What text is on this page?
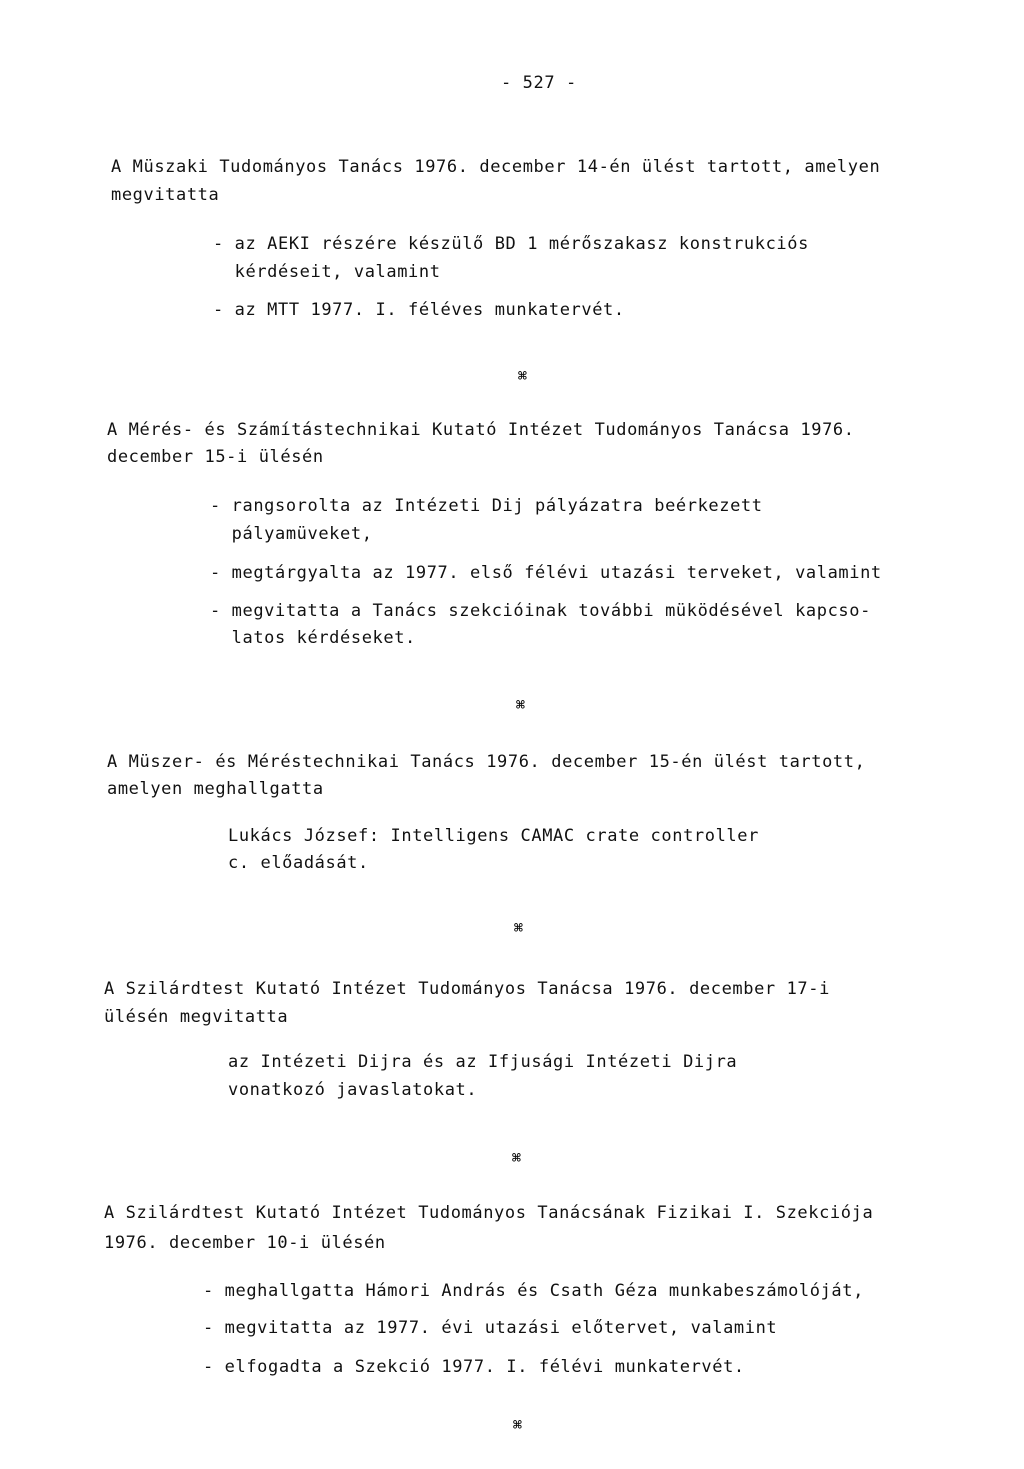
- 527 -
A Müszaki Tudományos Tanács 1976. december 14-én ülést tartott, amelyen
megvitatta
- az AEKI részére készülő BD 1 mérőszakasz konstrukciós
kérdéseit, valamint
- az MTT 1977. I. féléves munkatervét.
⌘
A Mérés- és Számítástechnikai Kutató Intézet Tudományos Tanácsa 1976.
december 15-i ülésén
- rangsorolta az Intézeti Dij pályázatra beérkezett
pályamüveket,
- megtárgyalta az 1977. első félévi utazási terveket, valamint
- megvitatta a Tanács szekcióinak további müködésével kapcso-
latos kérdéseket.
⌘
A Müszer- és Méréstechnikai Tanács 1976. december 15-én ülést tartott,
amelyen meghallgatta
Lukács József: Intelligens CAMAC crate controller
c. előadását.
⌘
A Szilárdtest Kutató Intézet Tudományos Tanácsa 1976. december 17-i
ülésén megvitatta
az Intézeti Dijra és az Ifjusági Intézeti Dijra
vonatkozó javaslatokat.
⌘
A Szilárdtest Kutató Intézet Tudományos Tanácsának Fizikai I. Szekciója
1976. december 10-i ülésén
- meghallgatta Hámori András és Csath Géza munkabeszámolóját,
- megvitatta az 1977. évi utazási előtervet, valamint
- elfogadta a Szekció 1977. I. félévi munkatervét.
⌘
